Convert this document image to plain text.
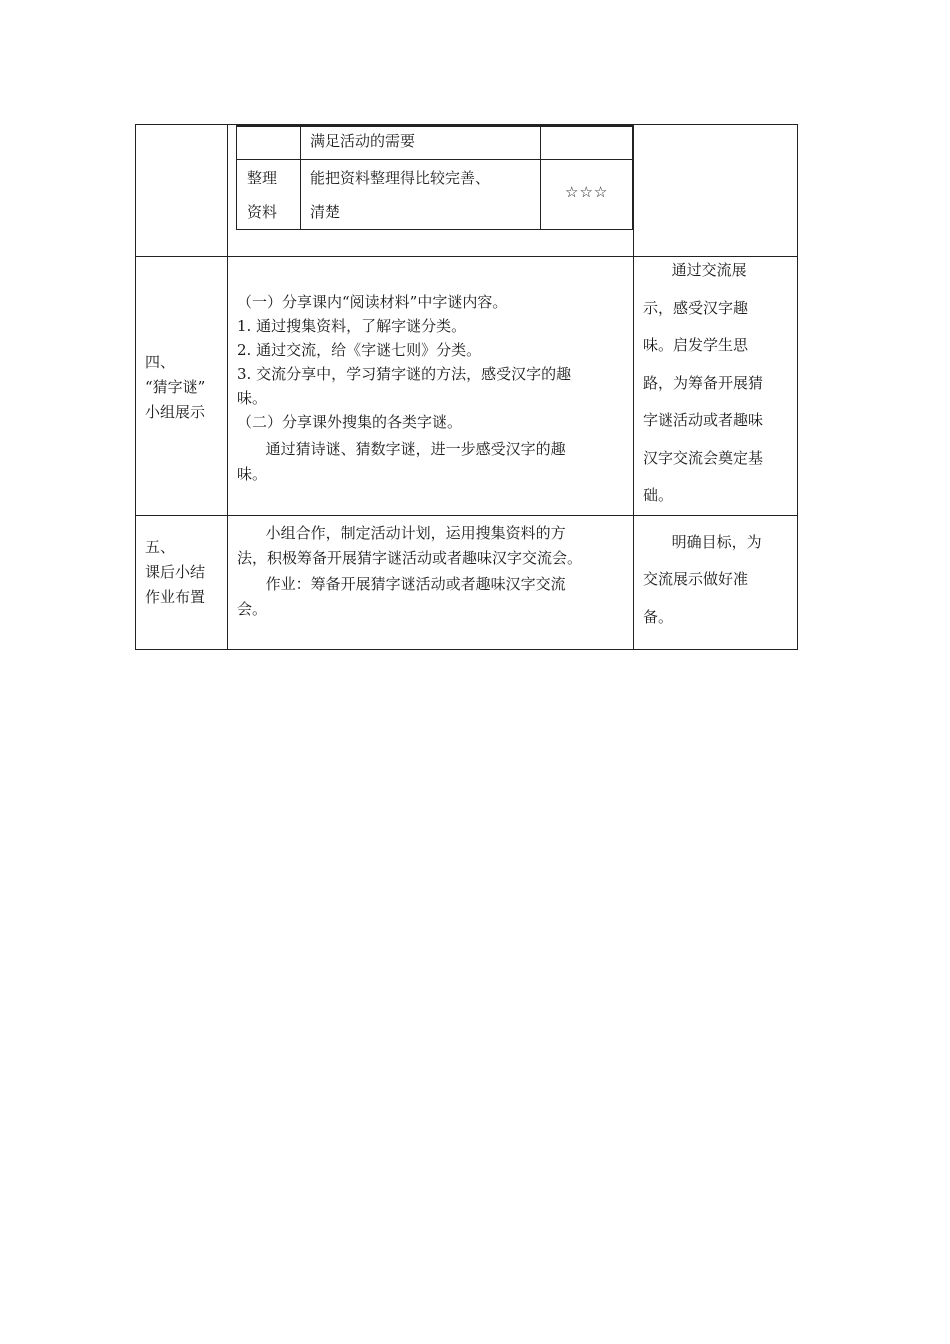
满足活动的需要
整理
资料
能把资料整理得比较完善、
清楚
☆☆☆
四、
“猜字谜”
小组展示
（一）分享课内“阅读材料”中字谜内容。
1. 通过搜集资料，了解字谜分类。
2. 通过交流，给《字谜七则》分类。
3. 交流分享中，学习猜字谜的方法，感受汉字的趣
味。
（二）分享课外搜集的各类字谜。
通过猜诗谜、猜数字谜，进一步感受汉字的趣
味。
通过交流展
示，感受汉字趣
味。启发学生思
路，为筹备开展猜
字谜活动或者趣味
汉字交流会奠定基
础。
五、
课后小结
作业布置
小组合作，制定活动计划，运用搜集资料的方
法，积极筹备开展猜字谜活动或者趣味汉字交流会。
作业：筹备开展猜字谜活动或者趣味汉字交流
会。
明确目标，为
交流展示做好准
备。
